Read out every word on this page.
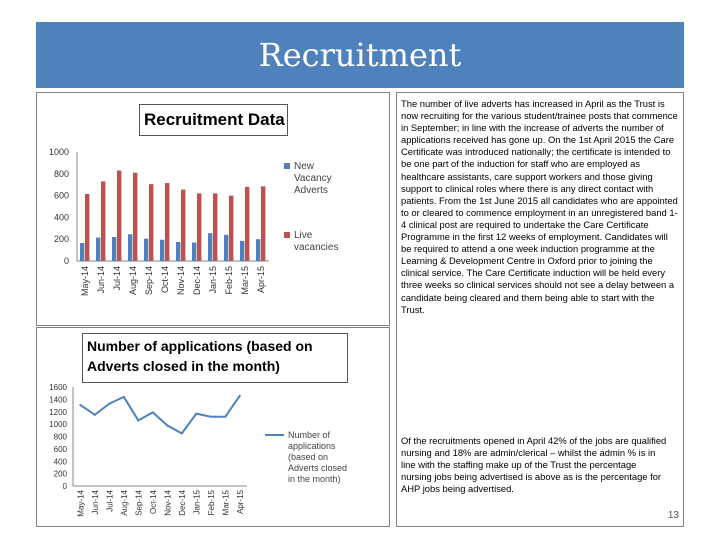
Recruitment
Recruitment Data
1000
800
600
400
200
0
May-14 Jun-14 Jul-14 Aug-14 Sep-14 Oct-14 Nov-14 Dec-14 Jan-15 Feb-15 Mar-15 Apr-15
New
Vacancy
Adverts
Live
vacancies
Number of applications (based on Adverts closed in the month)
1600
1400
1200
1000
800
600
400
200
0
May-14 Jun-14 Jul-14 Aug-14 Sep-14 Oct-14 Nov-14 Dec-14 Jan-15 Feb-15 Mar-15 Apr-15
Number of
applications
(based on
Adverts closed
in the month)

The number of live adverts has increased in April as the Trust is now recruiting for the various student/trainee posts that commence in September; in line with the increase of adverts the number of applications received has gone up. On the 1st April 2015 the Care Certificate was introduced nationally; the certificate is intended to be one part of the induction for staff who are employed as healthcare assistants, care support workers and those giving support to clinical roles where there is any direct contact with patients. From the 1st June 2015 all candidates who are appointed to or cleared to commence employment in an unregistered band 1-4 clinical post are required to undertake the Care Certificate Programme in the first 12 weeks of employment. Candidates will be required to attend a one week induction programme at the Learning & Development Centre in Oxford prior to joining the clinical service. The Care Certificate induction will be held every three weeks so clinical services should not see a delay between a candidate being cleared and them being able to start with the Trust.

Of the recruitments opened in April 42% of the jobs are qualified nursing and 18% are admin/clerical – whilst the admin % is in line with the staffing make up of the Trust the percentage nursing jobs being advertised is above as is the percentage for AHP jobs being advertised.

13
